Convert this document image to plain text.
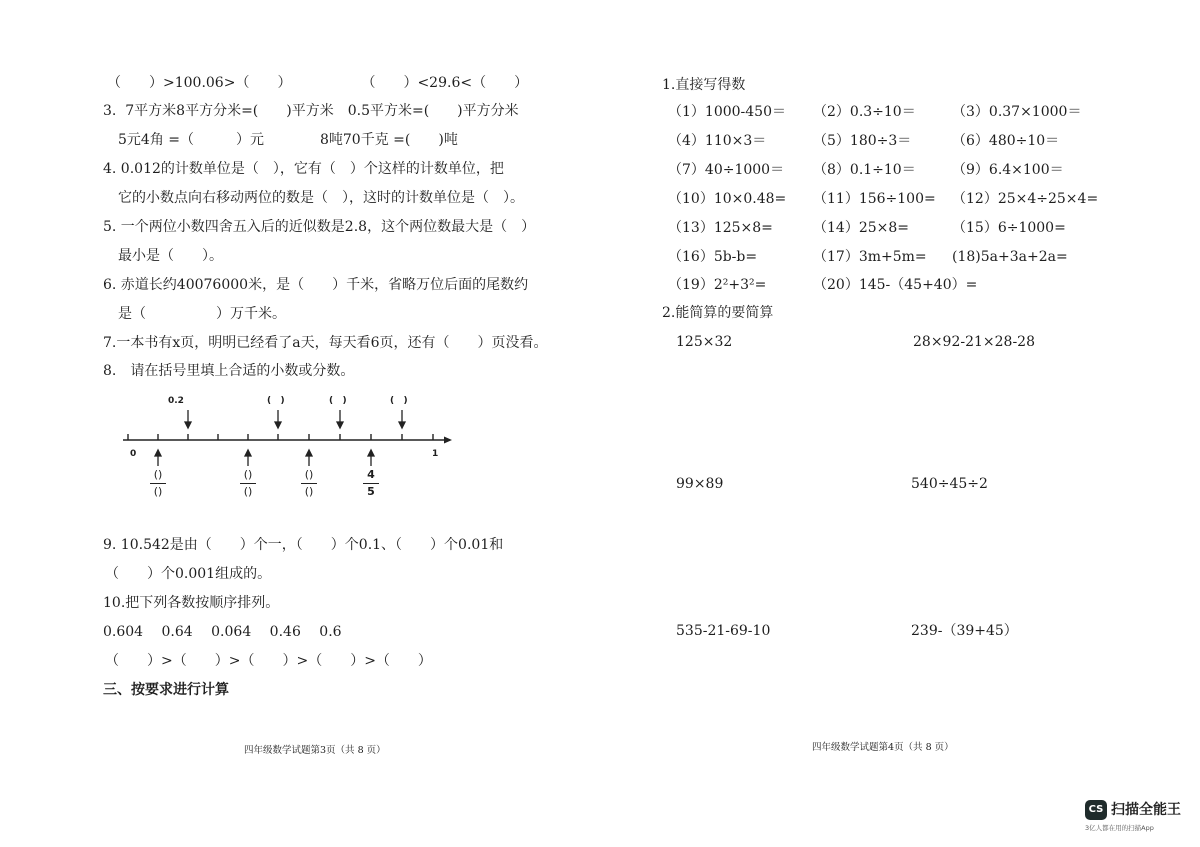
（　　）>100.06>（　　）　　　　　　（　　）<29.6<（　　）
3.  7平方米8平方分米=(　　)平方米　0.5平方米=(　　)平方分米
5元4角 =（　　　）元　　　　8吨70千克 =(　　)吨
4. 0.012的计数单位是（　），它有（　）个这样的计数单位，把
它的小数点向右移动两位的数是（　），这时的计数单位是（　）。
5. 一个两位小数四舍五入后的近似数是2.8，这个两位数最大是（　）
最小是（　　）。
6. 赤道长约40076000米，是（　　）千米，省略万位后面的尾数约
是（　　　　　）万千米。
7.一本书有x页，明明已经看了a天，每天看6页，还有（　　）页没看。
8.　请在括号里填上合适的小数或分数。
0.2	(   )	(   )	(   )
0	1
()
()
()
()
()
()
4
5
9. 10.542是由（　　）个一，（　　）个0.1、（　　）个0.01和
（　　）个0.001组成的。
10.把下列各数按顺序排列。
0.604　 0.64　 0.064　 0.46　 0.6
（　　）>（　　）>（　　）>（　　）>（　　）
三、按要求进行计算
四年级数学试题第3页（共 8 页）
1.直接写得数
（1）1000-450＝ （2）0.3÷10＝	（3）0.37×1000＝
（4）110×3＝	（5）180÷3＝	（6）480÷10＝
（7）40÷1000＝ （8）0.1÷10＝	（9）6.4×100＝
（10）10×0.48= （11）156÷100= （12）25×4÷25×4=
（13）125×8=	（14）25×8=	（15）6÷1000=
（16）5b-b=	（17）3m+5m= (18)5a+3a+2a=
（19）2²+3²=	（20）145-（45+40）=
2.能简算的要简算
125×32	28×92-21×28-28
99×89	540÷45÷2
535-21-69-10	239-（39+45）
四年级数学试题第4页（共 8 页）
CS 扫描全能王
3亿人都在用的扫描App
